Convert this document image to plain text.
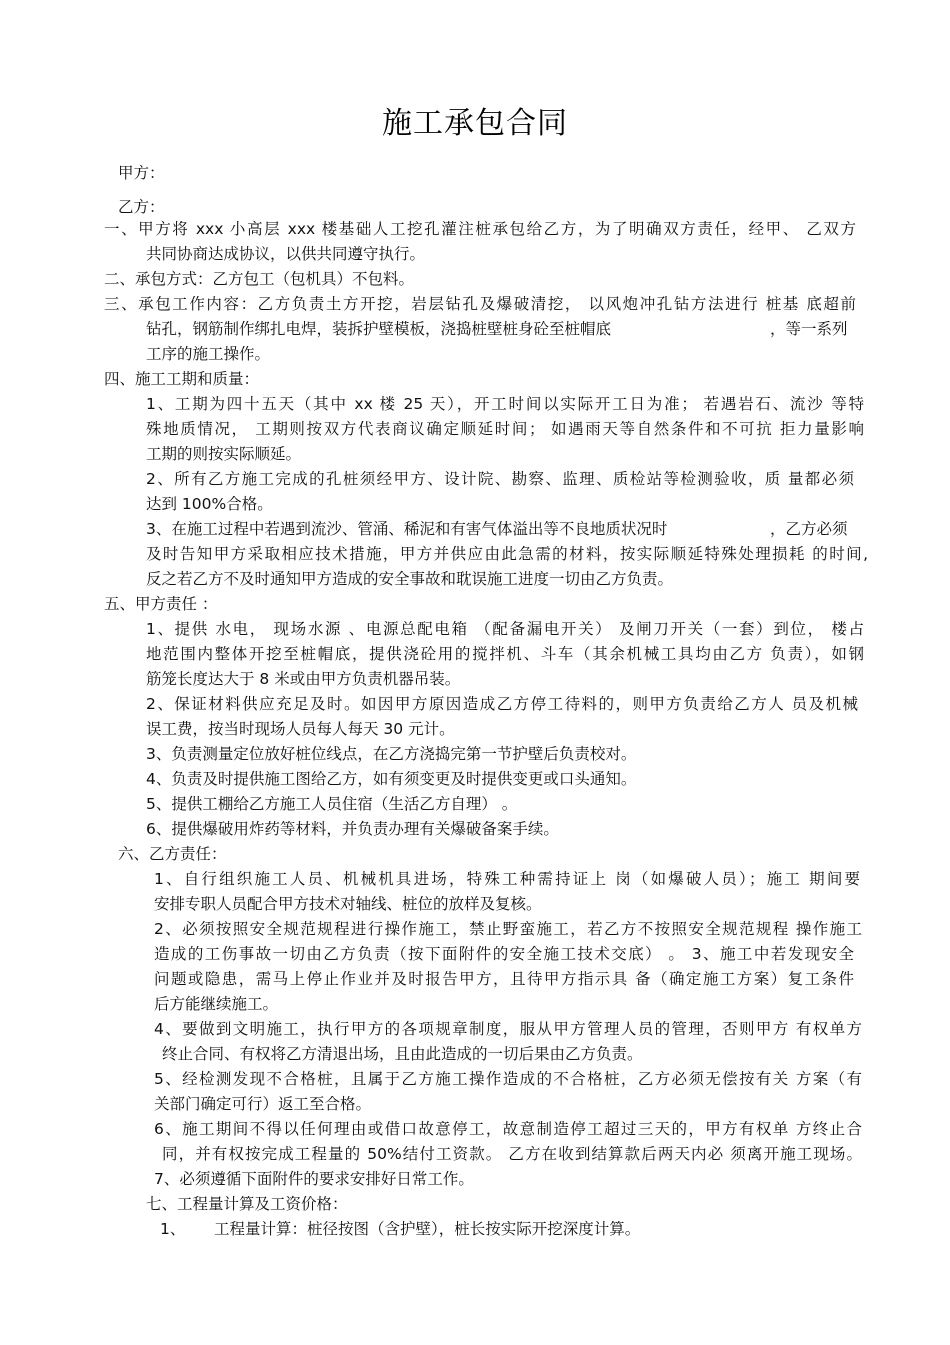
施工承包合同
甲方：
乙方：
一、甲方将 xxx 小高层 xxx 楼基础人工挖孔灌注桩承包给乙方，为了明确双方责任，经甲、 乙双方
共同协商达成协议，以供共同遵守执行。
二、承包方式：乙方包工（包机具）不包料。
三、承包工作内容：乙方负责土方开挖，岩层钻孔及爆破清挖， 以风炮冲孔钻方法进行 桩基 底超前
钻孔，钢筋制作绑扎电焊，装拆护壁模板，浇捣桩壁桩身砼至桩帽底	，等一系列
工序的施工操作。
四、施工工期和质量：
1、工期为四十五天（其中 xx 楼 25 天），开工时间以实际开工日为准； 若遇岩石、流沙 等特
殊地质情况， 工期则按双方代表商议确定顺延时间； 如遇雨天等自然条件和不可抗 拒力量影响
工期的则按实际顺延。
2、所有乙方施工完成的孔桩须经甲方、设计院、勘察、监理、质检站等检测验收，质 量都必须
达到 100%合格。
3、在施工过程中若遇到流沙、管涌、稀泥和有害气体溢出等不良地质状况时	，乙方必须
及时告知甲方采取相应技术措施，甲方并供应由此急需的材料，按实际顺延特殊处理损耗 的时间,
反之若乙方不及时通知甲方造成的安全事故和耽误施工进度一切由乙方负责。
五、甲方责任 ：
1、提供 水电， 现场水源 、电源总配电箱 （配备漏电开关） 及闸刀开关（一套）到位， 楼占
地范围内整体开挖至桩帽底，提供浇砼用的搅拌机、斗车（其余机械工具均由乙方 负责），如钢
筋笼长度达大于 8 米或由甲方负责机器吊装。
2、保证材料供应充足及时。如因甲方原因造成乙方停工待料的，则甲方负责给乙方人 员及机械
误工费，按当时现场人员每人每天 30 元计。
3、负责测量定位放好桩位线点，在乙方浇捣完第一节护壁后负责校对。
4、负责及时提供施工图给乙方，如有须变更及时提供变更或口头通知。
5、提供工棚给乙方施工人员住宿（生活乙方自理） 。
6、提供爆破用炸药等材料，并负责办理有关爆破备案手续。
六、乙方责任：
1、自行组织施工人员、机械机具进场，特殊工种需持证上 岗（如爆破人员）；施工 期间要
安排专职人员配合甲方技术对轴线、桩位的放样及复核。
2、必须按照安全规范规程进行操作施工，禁止野蛮施工，若乙方不按照安全规范规程 操作施工
造成的工伤事故一切由乙方负责（按下面附件的安全施工技术交底） 。 3、施工中若发现安全
问题或隐患，需马上停止作业并及时报告甲方，且待甲方指示具 备（确定施工方案）复工条件
后方能继续施工。
4、要做到文明施工，执行甲方的各项规章制度，服从甲方管理人员的管理，否则甲方 有权单方
终止合同、有权将乙方清退出场，且由此造成的一切后果由乙方负责。
5、经检测发现不合格桩，且属于乙方施工操作造成的不合格桩，乙方必须无偿按有关 方案（有
关部门确定可行）返工至合格。
6、施工期间不得以任何理由或借口故意停工，故意制造停工超过三天的，甲方有权单 方终止合
同，并有权按完成工程量的 50%结付工资款。 乙方在收到结算款后两天内必 须离开施工现场。
7、必须遵循下面附件的要求安排好日常工作。
七、工程量计算及工资价格：
1、 工程量计算：桩径按图（含护壁），桩长按实际开挖深度计算。
